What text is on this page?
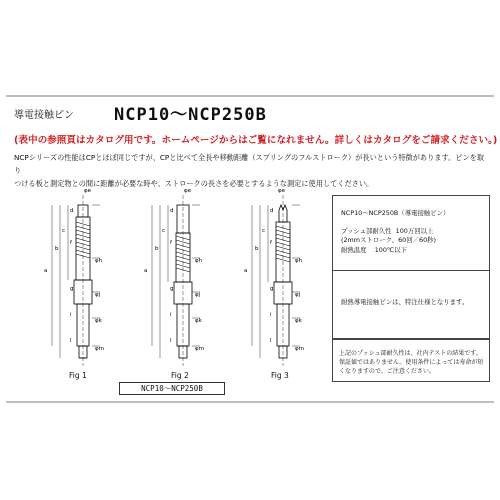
φe	φe	φe
φh	φh	φh
φj	φj	φj
φk	φk	φk
φm	φm	φm
a	a	a
b	b	b
c	c	c
d	d	d
f	f	f
g	g	g
i	i	i
l	l	l
導電接触ピン NCP10〜NCP250B
(表中の参照頁はカタログ用です。ホームページからはご覧になれません。詳しくはカタログをご請求ください。)
NCPシリーズの性能はCPとほぼ同じですが、CPと比べて全長や移動距離（スプリングのフルストローク）が長いという特徴があります。ピンを取り
つける板と測定物との間に距離が必要な時や、ストロークの長さを必要とするような測定に使用してください。
Fig 1	Fig 2	Fig 3
NCP10〜NCP250B
NCP10〜NCP250B（導電接触ピン）
プッシュ部耐久性 100万回以上
(2mmストローク、60回／60秒)
耐熱温度 100℃以下
耐熱導電接触ピンは、特注仕様となります。
上記のプッシュ部耐久性は、社内テストの結果です。
保証値ではありません。使用条件によっては寿命が短
くなりますので、ご注意ください。
